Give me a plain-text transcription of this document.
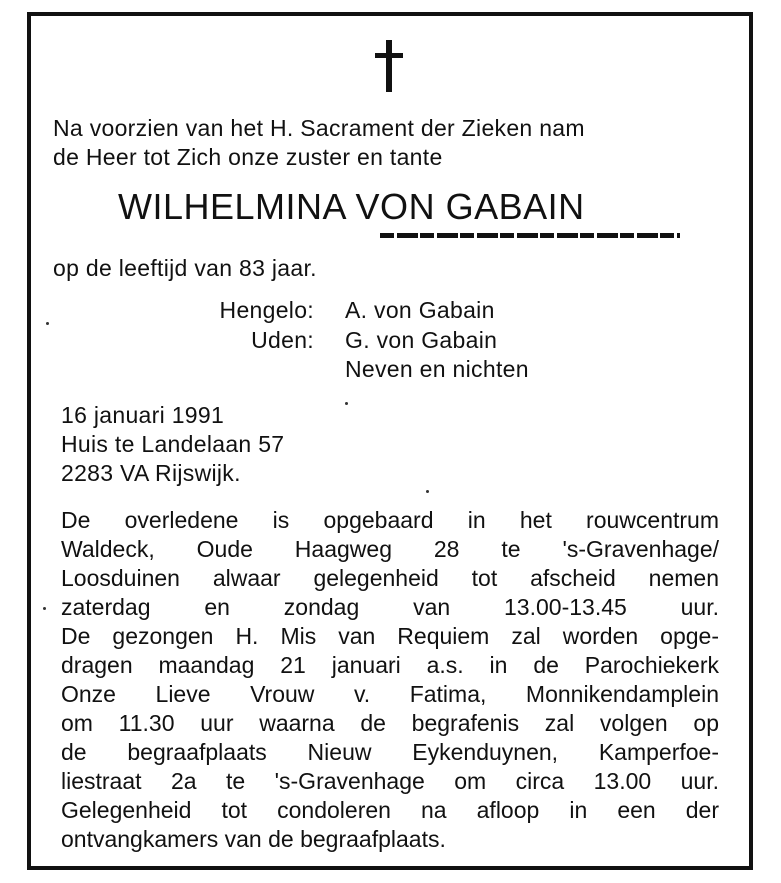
Na voorzien van het H. Sacrament der Zieken nam
de Heer tot Zich onze zuster en tante
WILHELMINA VON GABAIN
op de leeftijd van 83 jaar.
Hengelo: A. von Gabain
Uden: G. von Gabain
Neven en nichten
16 januari 1991
Huis te Landelaan 57
2283 VA Rijswijk.
De overledene is opgebaard in het rouwcentrum
Waldeck, Oude Haagweg 28 te 's-Gravenhage/
Loosduinen alwaar gelegenheid tot afscheid nemen
zaterdag en zondag van 13.00-13.45 uur.
De gezongen H. Mis van Requiem zal worden opge-
dragen maandag 21 januari a.s. in de Parochiekerk
Onze Lieve Vrouw v. Fatima, Monnikendamplein
om 11.30 uur waarna de begrafenis zal volgen op
de begraafplaats Nieuw Eykenduynen, Kamperfoe-
liestraat 2a te 's-Gravenhage om circa 13.00 uur.
Gelegenheid tot condoleren na afloop in een der
ontvangkamers van de begraafplaats.
